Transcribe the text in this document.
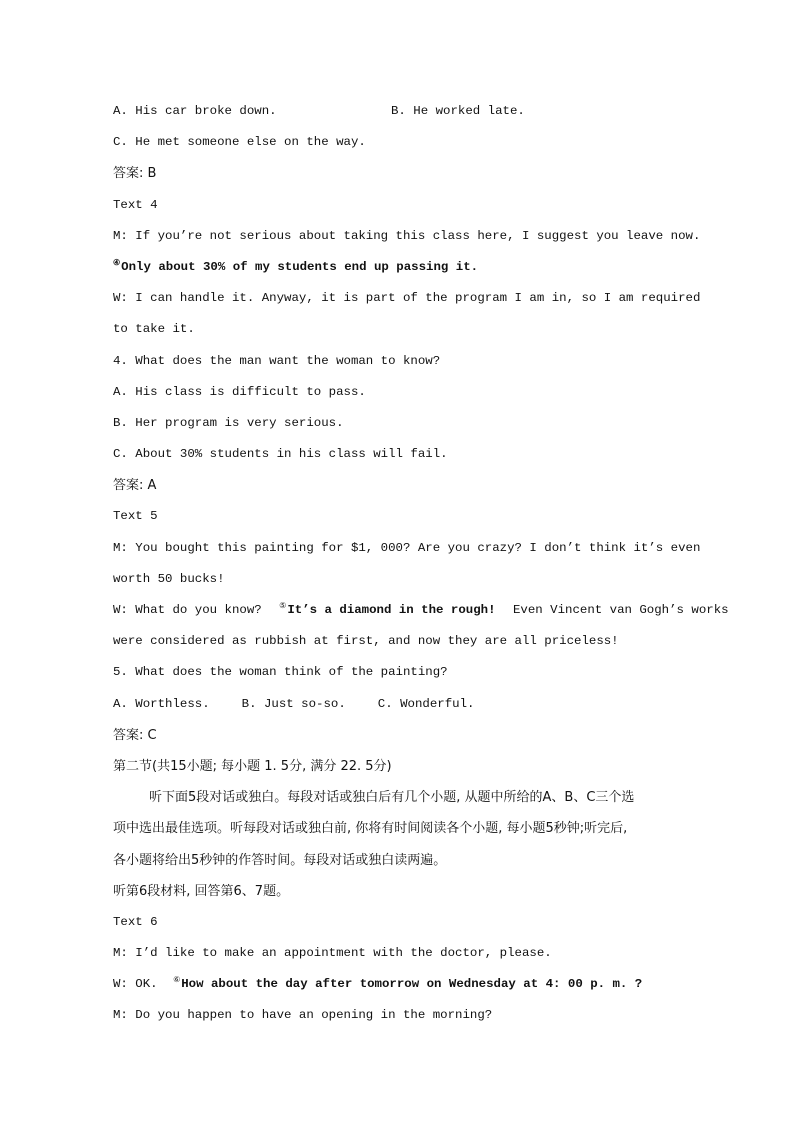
A. His car broke down.	B. He worked late.
C. He met someone else on the way.
答案: B
Text 4
M: If you’re not serious about taking this class here, I suggest you leave now.
④Only about 30% of my students end up passing it.
W: I can handle it. Anyway, it is part of the program I am in, so I am required
to take it.
4. What does the man want the woman to know?
A. His class is difficult to pass.
B. Her program is very serious.
C. About 30% students in his class will fail.
答案: A
Text 5
M: You bought this painting for $1, 000? Are you crazy? I don’t think it’s even
worth 50 bucks!
W: What do you know? ⑤It’s a diamond in the rough! Even Vincent van Gogh’s works
were considered as rubbish at first, and now they are all priceless!
5. What does the woman think of the painting?
A. Worthless.	B. Just so-so.	C. Wonderful.
答案: C
第二节(共15小题; 每小题 1. 5分, 满分 22. 5分)
听下面5段对话或独白。每段对话或独白后有几个小题, 从题中所给的A、B、C三个选
项中选出最佳选项。听每段对话或独白前, 你将有时间阅读各个小题, 每小题5秒钟;听完后,
各小题将给出5秒钟的作答时间。每段对话或独白读两遍。
听第6段材料, 回答第6、7题。
Text 6
M: I’d like to make an appointment with the doctor, please.
W: OK. ⑥How about the day after tomorrow on Wednesday at 4: 00 p. m. ?
M: Do you happen to have an opening in the morning?
